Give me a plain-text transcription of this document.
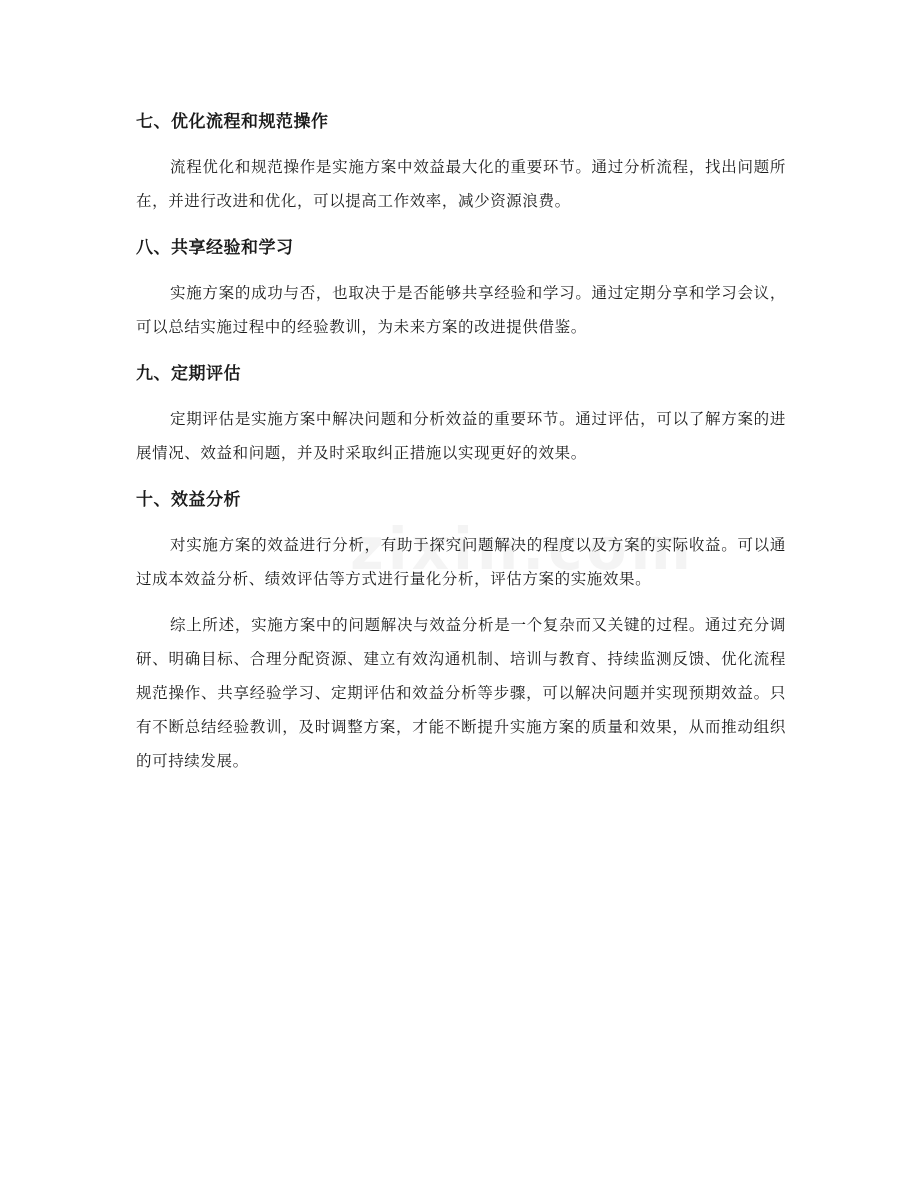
七、优化流程和规范操作

流程优化和规范操作是实施方案中效益最大化的重要环节。通过分析流程，找出问题所在，并进行改进和优化，可以提高工作效率，减少资源浪费。

八、共享经验和学习

实施方案的成功与否，也取决于是否能够共享经验和学习。通过定期分享和学习会议，可以总结实施过程中的经验教训，为未来方案的改进提供借鉴。

九、定期评估

定期评估是实施方案中解决问题和分析效益的重要环节。通过评估，可以了解方案的进展情况、效益和问题，并及时采取纠正措施以实现更好的效果。

十、效益分析

对实施方案的效益进行分析，有助于探究问题解决的程度以及方案的实际收益。可以通过成本效益分析、绩效评估等方式进行量化分析，评估方案的实施效果。

综上所述，实施方案中的问题解决与效益分析是一个复杂而又关键的过程。通过充分调研、明确目标、合理分配资源、建立有效沟通机制、培训与教育、持续监测反馈、优化流程规范操作、共享经验学习、定期评估和效益分析等步骤，可以解决问题并实现预期效益。只有不断总结经验教训，及时调整方案，才能不断提升实施方案的质量和效果，从而推动组织的可持续发展。
